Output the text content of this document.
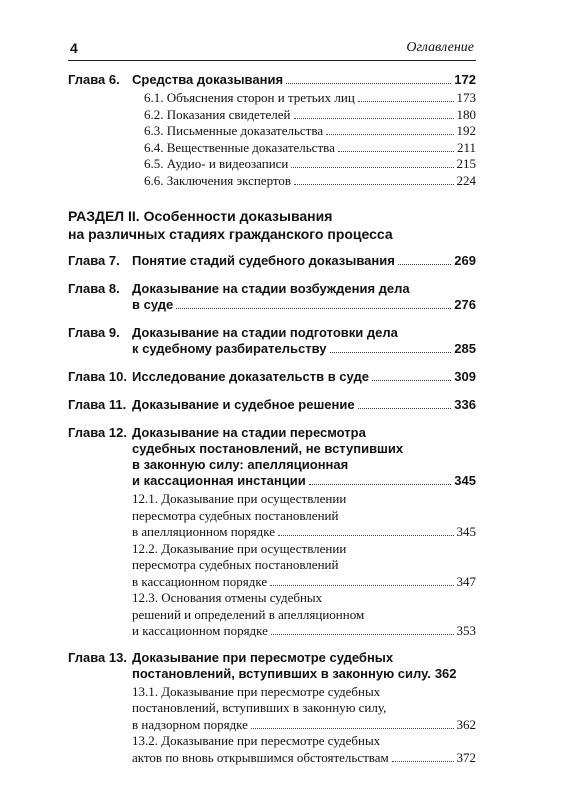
4	Оглавление
Глава 6. Средства доказывания	172
6.1. Объяснения сторон и третьих лиц	173
6.2. Показания свидетелей	180
6.3. Письменные доказательства	192
6.4. Вещественные доказательства	211
6.5. Аудио- и видеозаписи	215
6.6. Заключения экспертов	224
РАЗДЕЛ II. Особенности доказывания
на различных стадиях гражданского процесса
Глава 7. Понятие стадий судебного доказывания	269
Глава 8. Доказывание на стадии возбуждения дела
в суде	276
Глава 9. Доказывание на стадии подготовки дела
к судебному разбирательству	285
Глава 10. Исследование доказательств в суде	309
Глава 11. Доказывание и судебное решение	336
Глава 12. Доказывание на стадии пересмотра
судебных постановлений, не вступивших
в законную силу: апелляционная
и кассационная инстанции	345
12.1. Доказывание при осуществлении
пересмотра судебных постановлений
в апелляционном порядке	345
12.2. Доказывание при осуществлении
пересмотра судебных постановлений
в кассационном порядке	347
12.3. Основания отмены судебных
решений и определений в апелляционном
и кассационном порядке	353
Глава 13. Доказывание при пересмотре судебных
постановлений, вступивших в законную силу. 362
13.1. Доказывание при пересмотре судебных
постановлений, вступивших в законную силу,
в надзорном порядке	362
13.2. Доказывание при пересмотре судебных
актов по вновь открывшимся обстоятельствам	372
